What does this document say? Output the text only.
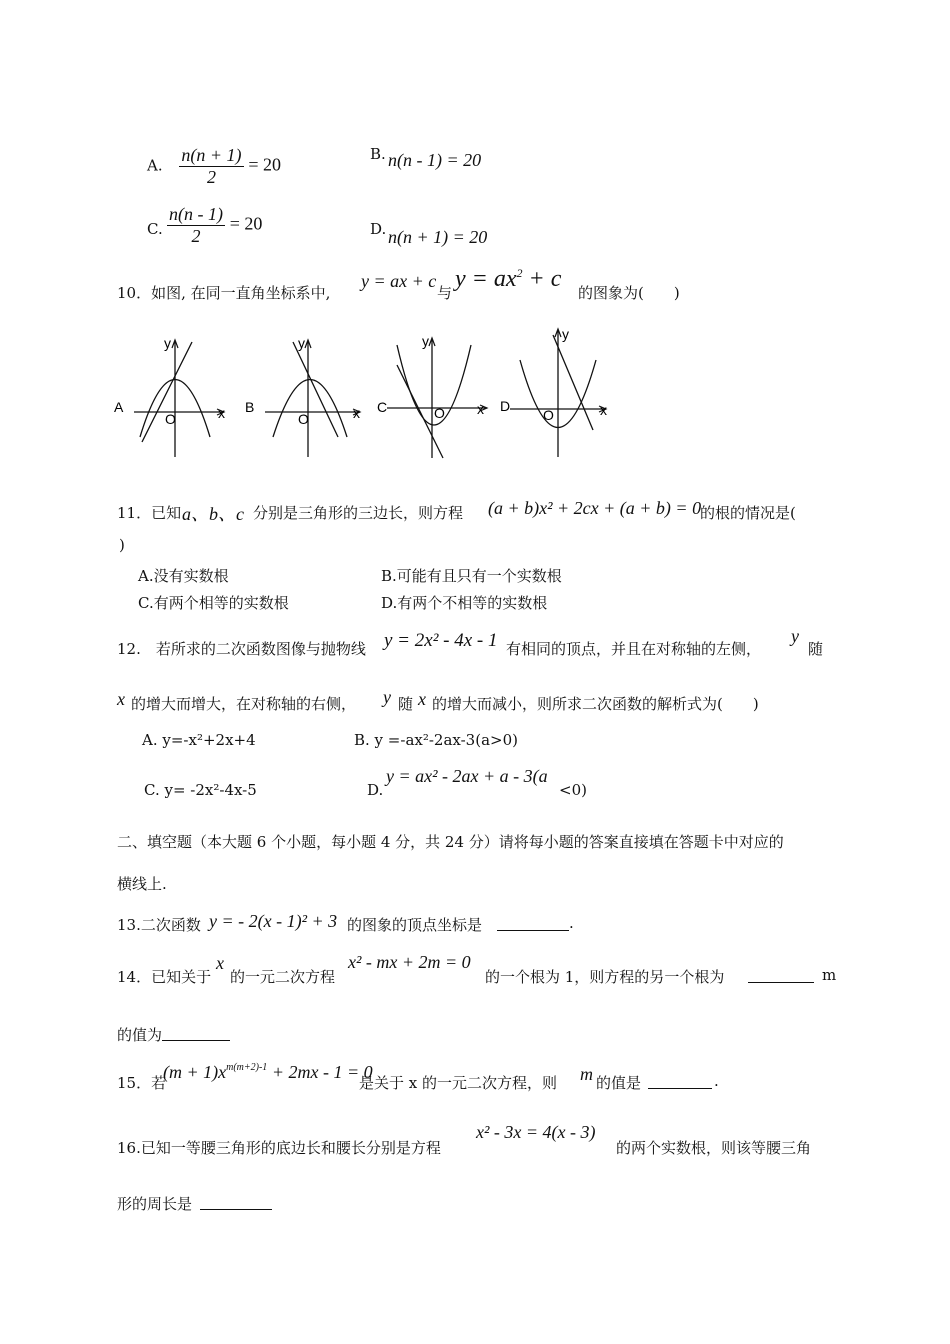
A. $\frac{n(n + 1)}{2} = 20$
B. n(n - 1) = 20
C. $\frac{n(n - 1)}{2} = 20$	D. n(n + 1) = 20
10．如图, 在同一直角坐标系中,
y = ax + c
与
$y = ax^2 + c$
的图象为(　　)
A
y
x
O
B
y
x
O
C
y
x
O	D
y
x
O
11．已知 a、b、c 分别是三角形的三边长，则方程 (a + b)x² + 2cx + (a + b) = 0
的根的情况是(
)
A.没有实数根	B.可能有且只有一个实数根
C.有两个相等的实数根	D.有两个不相等的实数根
12.　若所求的二次函数图像与抛物线 y = 2x² - 4x - 1 有相同的顶点，并且在对称轴的左侧，
y
随
x 的增大而增大，在对称轴的右侧， y 随 x 的增大而减小，则所求二次函数的解析式为(　　)
A. y=-x²+2x+4	B. y =-ax²-2ax-3(a>0)
C. y= -2x²-4x-5	D.
y = ax² - 2ax + a - 3(a
<0)
二、填空题（本大题 6 个小题，每小题 4 分，共 24 分）请将每小题的答案直接填在答题卡中对应的
横线上.
13.二次函数 y = - 2(x - 1)² + 3 的图象的顶点坐标是	.
14．已知关于
x
的一元二次方程
x² - mx + 2m = 0
的一个根为 1，则方程的另一个根为	m
的值为
15．若
$(m + 1)x^{m(m+2)-1} + 2mx - 1 = 0$
是关于 x 的一元二次方程，则 m 的值是	.
16.已知一等腰三角形的底边长和腰长分别是方程
x² - 3x = 4(x - 3)
的两个实数根，则该等腰三角
形的周长是
